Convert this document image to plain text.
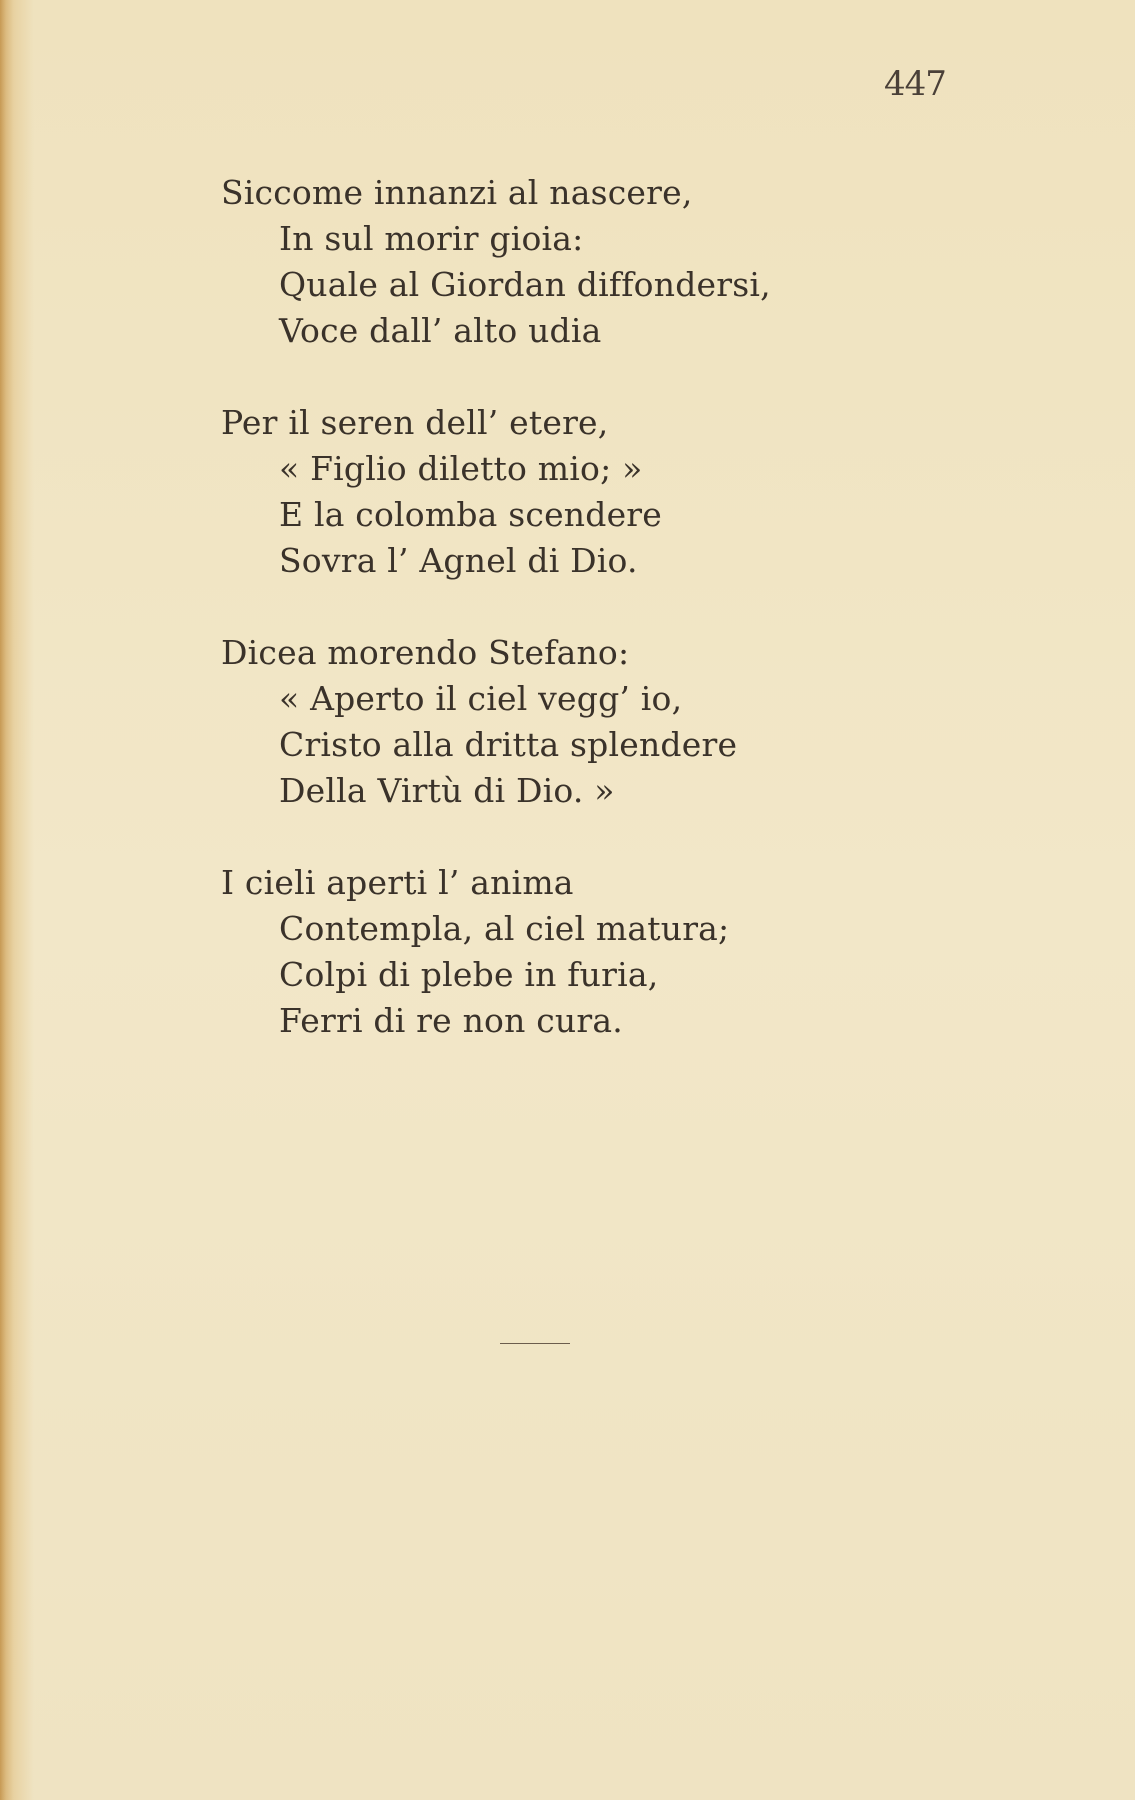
447
Siccome innanzi al nascere,
In sul morir gioia:
Quale al Giordan diffondersi,
Voce dall’ alto udia
Per il seren dell’ etere,
« Figlio diletto mio; »
E la colomba scendere
Sovra l’ Agnel di Dio.
Dicea morendo Stefano:
« Aperto il ciel vegg’ io,
Cristo alla dritta splendere
Della Virtù di Dio. »
I cieli aperti l’ anima
Contempla, al ciel matura;
Colpi di plebe in furia,
Ferri di re non cura.
